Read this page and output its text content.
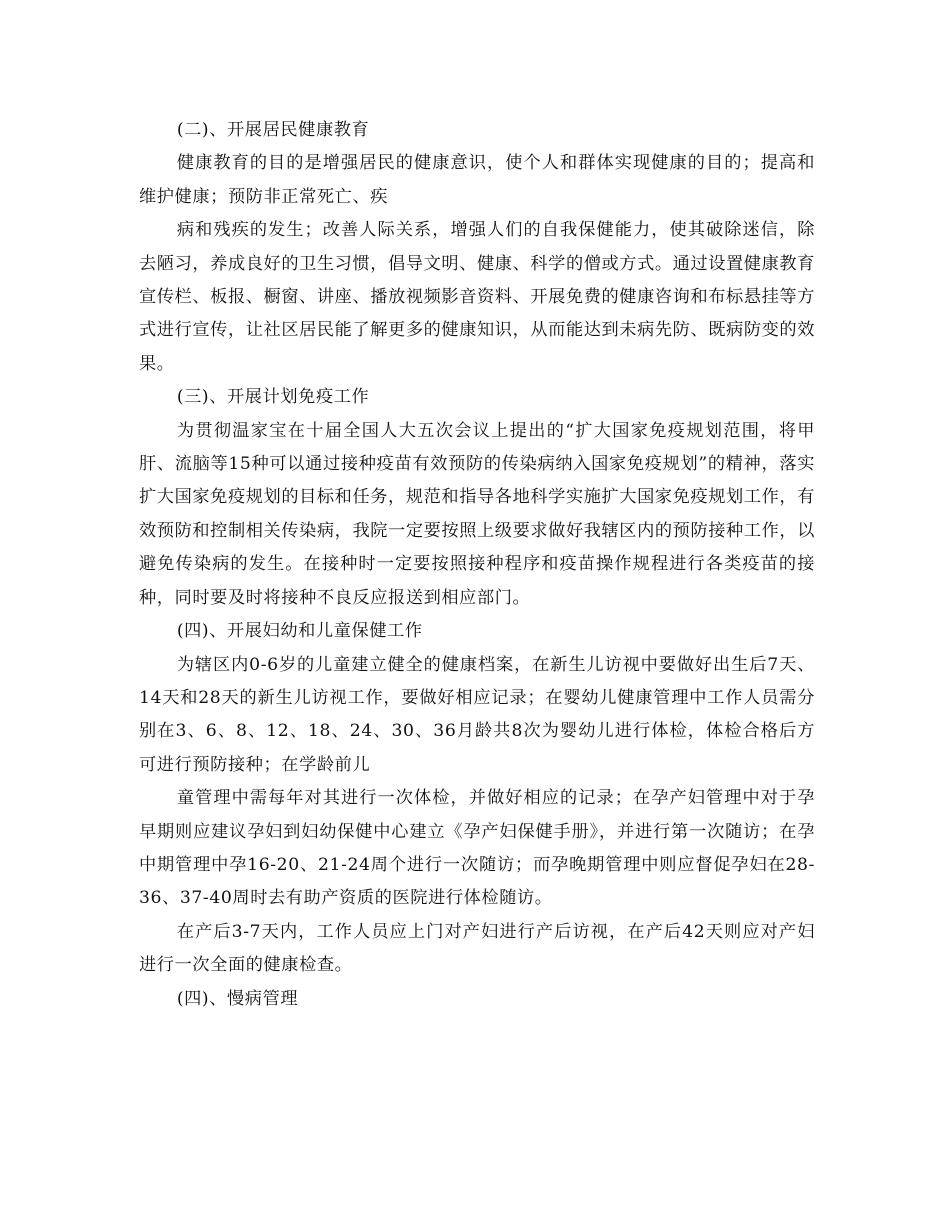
(二)、开展居民健康教育

健康教育的目的是增强居民的健康意识，使个人和群体实现健康的目的；提高和维护健康；预防非正常死亡、疾

病和残疾的发生；改善人际关系，增强人们的自我保健能力，使其破除迷信，除去陋习，养成良好的卫生习惯，倡导文明、健康、科学的僧或方式。通过设置健康教育宣传栏、板报、橱窗、讲座、播放视频影音资料、开展免费的健康咨询和布标悬挂等方式进行宣传，让社区居民能了解更多的健康知识，从而能达到未病先防、既病防变的效果。

(三)、开展计划免疫工作

为贯彻温家宝在十届全国人大五次会议上提出的“扩大国家免疫规划范围，将甲肝、流脑等15种可以通过接种疫苗有效预防的传染病纳入国家免疫规划”的精神，落实扩大国家免疫规划的目标和任务，规范和指导各地科学实施扩大国家免疫规划工作，有效预防和控制相关传染病，我院一定要按照上级要求做好我辖区内的预防接种工作，以避免传染病的发生。在接种时一定要按照接种程序和疫苗操作规程进行各类疫苗的接种，同时要及时将接种不良反应报送到相应部门。

(四)、开展妇幼和儿童保健工作

为辖区内0-6岁的儿童建立健全的健康档案，在新生儿访视中要做好出生后7天、14天和28天的新生儿访视工作，要做好相应记录；在婴幼儿健康管理中工作人员需分别在3、6、8、12、18、24、30、36月龄共8次为婴幼儿进行体检，体检合格后方可进行预防接种；在学龄前儿

童管理中需每年对其进行一次体检，并做好相应的记录；在孕产妇管理中对于孕早期则应建议孕妇到妇幼保健中心建立《孕产妇保健手册》，并进行第一次随访；在孕中期管理中孕16-20、21-24周个进行一次随访；而孕晚期管理中则应督促孕妇在28-36、37-40周时去有助产资质的医院进行体检随访。

在产后3-7天内，工作人员应上门对产妇进行产后访视，在产后42天则应对产妇进行一次全面的健康检查。

(四)、慢病管理
